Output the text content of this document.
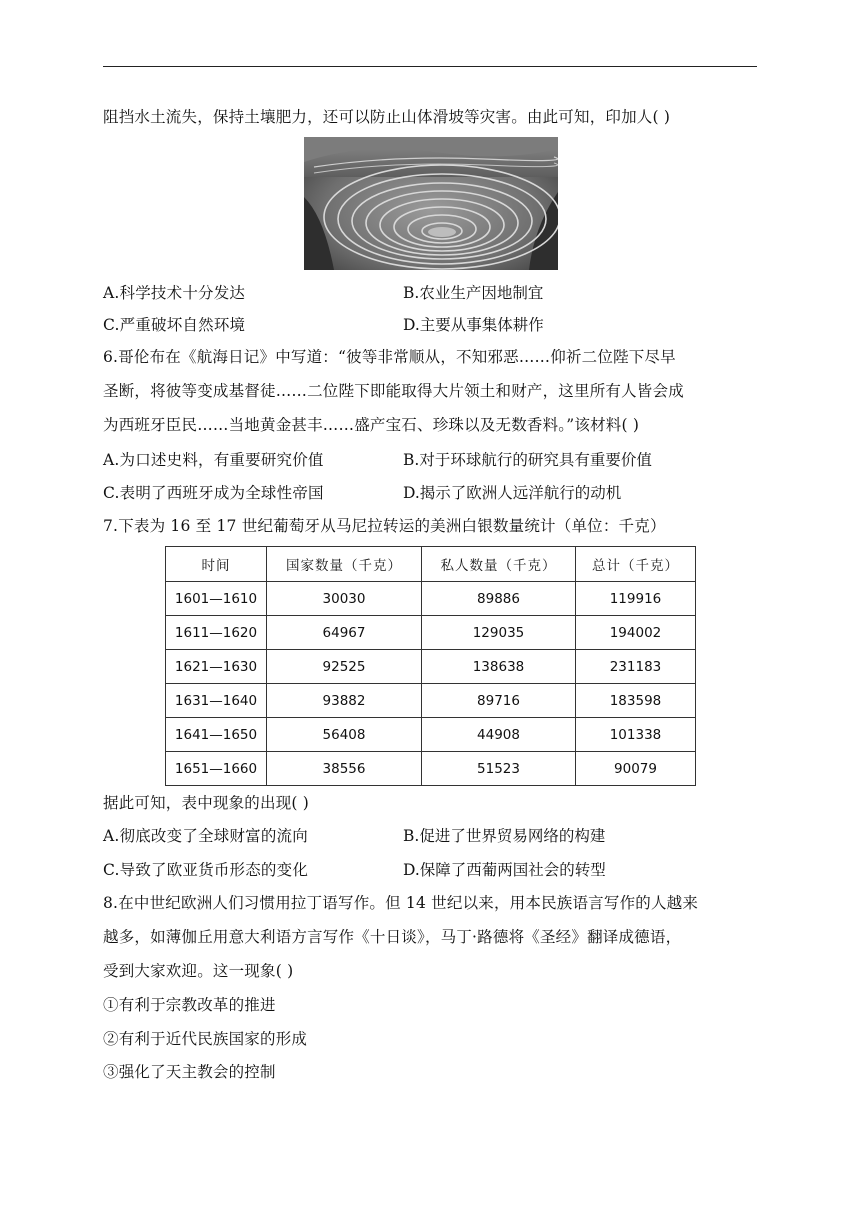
阻挡水土流失，保持土壤肥力，还可以防止山体滑坡等灾害。由此可知，印加人( )
A.科学技术十分发达	B.农业生产因地制宜
C.严重破坏自然环境	D.主要从事集体耕作
6.哥伦布在《航海日记》中写道：“彼等非常顺从，不知邪恶……仰祈二位陛下尽早
圣断，将彼等变成基督徒……二位陛下即能取得大片领土和财产，这里所有人皆会成
为西班牙臣民……当地黄金甚丰……盛产宝石、珍珠以及无数香料。”该材料( )
A.为口述史料，有重要研究价值	B.对于环球航行的研究具有重要价值
C.表明了西班牙成为全球性帝国	D.揭示了欧洲人远洋航行的动机
7.下表为 16 至 17 世纪葡萄牙从马尼拉转运的美洲白银数量统计（单位：千克）
时间	国家数量（千克）	私人数量（千克）	总计（千克）
1601—1610	30030	89886	119916
1611—1620	64967	129035	194002
1621—1630	92525	138638	231183
1631—1640	93882	89716	183598
1641—1650	56408	44908	101338
1651—1660	38556	51523	90079
据此可知，表中现象的出现( )
A.彻底改变了全球财富的流向	B.促进了世界贸易网络的构建
C.导致了欧亚货币形态的变化	D.保障了西葡两国社会的转型
8.在中世纪欧洲人们习惯用拉丁语写作。但 14 世纪以来，用本民族语言写作的人越来
越多，如薄伽丘用意大利语方言写作《十日谈》，马丁·路德将《圣经》翻译成德语，
受到大家欢迎。这一现象( )
①有利于宗教改革的推进
②有利于近代民族国家的形成
③强化了天主教会的控制
